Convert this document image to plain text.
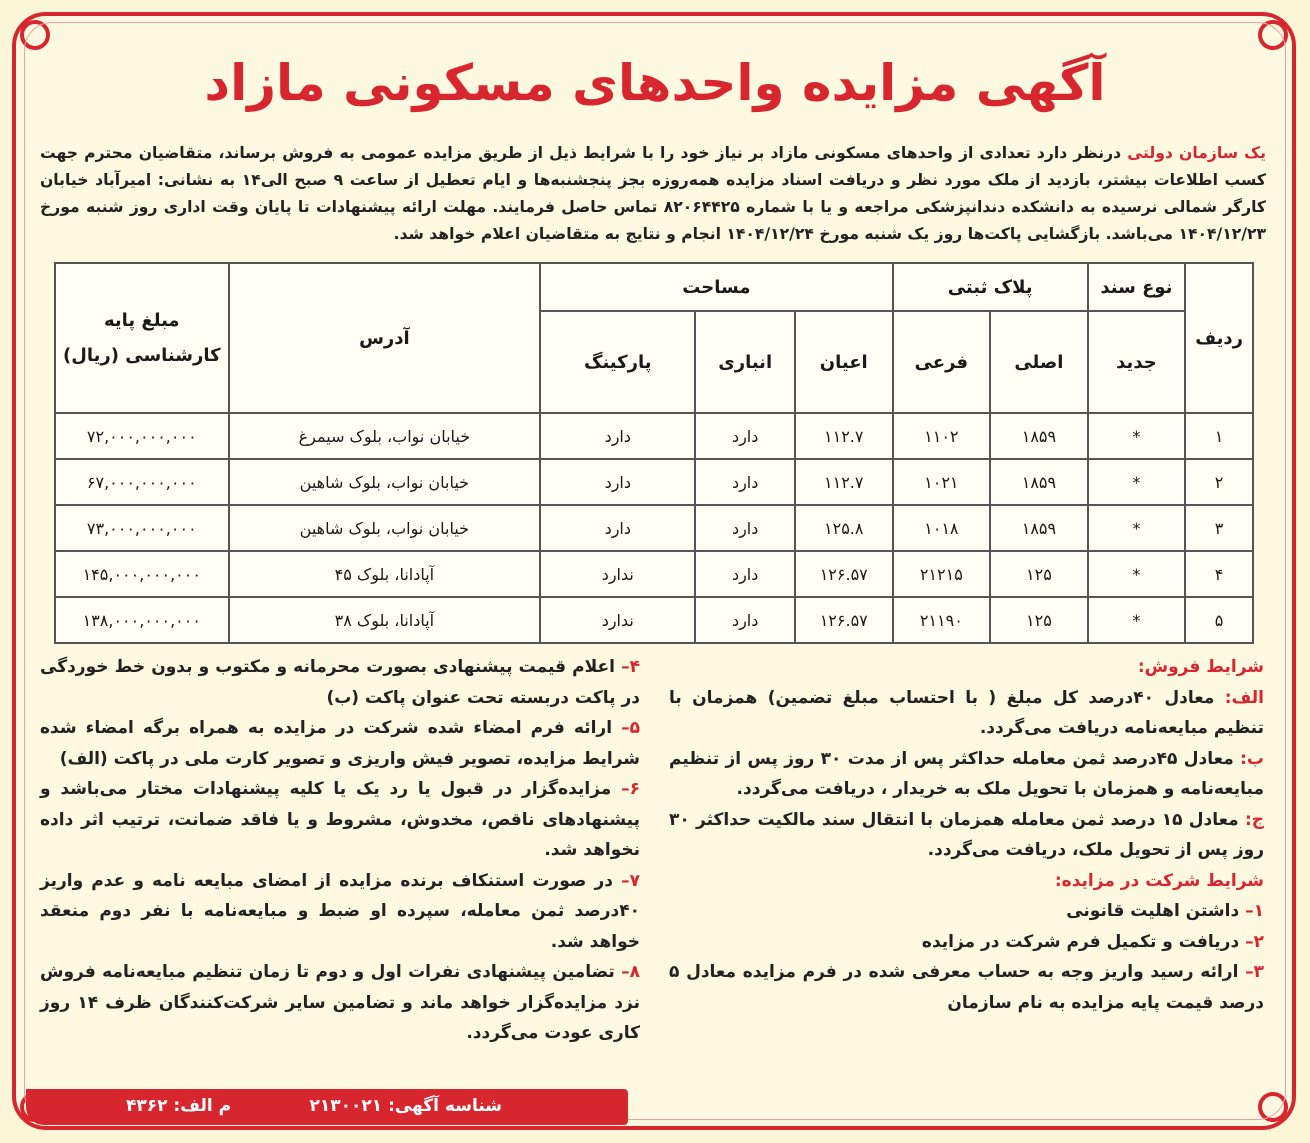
آگهی مزایده واحدهای مسکونی مازاد
یک سازمان دولتی درنظر دارد تعدادی از واحدهای مسکونی مازاد بر نیاز خود را با شرایط ذیل از طریق مزایده عمومی به فروش برساند، متقاضیان محترم جهت کسب اطلاعات بیشتر، بازدید از ملک مورد نظر و دریافت اسناد مزایده همه‌روزه بجز پنجشنبه‌ها و ایام تعطیل از ساعت ۹ صبح الی۱۴ به نشانی: امیرآباد خیابان کارگر شمالی نرسیده به دانشکده دندانپزشکی مراجعه و یا با شماره ۸۲۰۶۴۴۲۵ تماس حاصل فرمایند. مهلت ارائه پیشنهادات تا پایان وقت اداری روز شنبه مورخ ۱۴۰۴/۱۲/۲۳ می‌باشد. بازگشایی پاکت‌ها روز یک شنبه مورخ ۱۴۰۴/۱۲/۲۴ انجام و نتایج به متقاضیان اعلام خواهد شد.
ردیف	نوع سند	پلاک ثبتی		مساحت			آدرس	مبلغ پایه
کارشناسی (ریال)

	جدید	اصلی	فرعی	اعیان	انباری	پارکینگ		
۱	*	۱۸۵۹	۱۱۰۲	۱۱۲.۷	دارد	دارد	خیابان نواب، بلوک سیمرغ	۷۲,۰۰۰,۰۰۰,۰۰۰
۲	*	۱۸۵۹	۱۰۲۱	۱۱۲.۷	دارد	دارد	خیابان نواب، بلوک شاهین	۶۷,۰۰۰,۰۰۰,۰۰۰
۳	*	۱۸۵۹	۱۰۱۸	۱۲۵.۸	دارد	دارد	خیابان نواب، بلوک شاهین	۷۳,۰۰۰,۰۰۰,۰۰۰
۴	*	۱۲۵	۲۱۲۱۵	۱۲۶.۵۷	دارد	ندارد	آپادانا، بلوک ۴۵	۱۴۵,۰۰۰,۰۰۰,۰۰۰
۵	*	۱۲۵	۲۱۱۹۰	۱۲۶.۵۷	دارد	ندارد	آپادانا، بلوک ۳۸	۱۳۸,۰۰۰,۰۰۰,۰۰۰

شرایط فروش:

الف: معادل ۴۰درصد کل مبلغ ( با احتساب مبلغ تضمین) همزمان با تنظیم مبایعه‌نامه دریافت می‌گردد.

ب: معادل ۴۵درصد ثمن معامله حداکثر پس از مدت ۳۰ روز پس از تنظیم مبایعه‌نامه و همزمان با تحویل ملک به خریدار ، دریافت می‌گردد.

ج: معادل ۱۵ درصد ثمن معامله همزمان با انتقال سند مالکیت حداکثر ۳۰ روز پس از تحویل ملک، دریافت می‌گردد.

شرایط شرکت در مزایده:

۱– داشتن اهلیت قانونی

۲– دریافت و تکمیل فرم شرکت در مزایده

۳– ارائه رسید واریز وجه به حساب معرفی شده در فرم مزایده معادل ۵ درصد قیمت پایه مزایده به نام سازمان

۴– اعلام قیمت پیشنهادی بصورت محرمانه و مکتوب و بدون خط خوردگی در پاکت دربسته تحت عنوان پاکت (ب)

۵– ارائه فرم امضاء شده شرکت در مزایده به همراه برگه امضاء شده شرایط مزایده، تصویر فیش واریزی و تصویر کارت ملی در پاکت (الف)

۶– مزایده‌گزار در قبول یا رد یک یا کلیه پیشنهادات مختار می‌باشد و پیشنهادهای ناقص، مخدوش، مشروط و یا فاقد ضمانت، ترتیب اثر داده نخواهد شد.

۷– در صورت استنکاف برنده مزایده از امضای مبایعه نامه و عدم واریز ۴۰درصد ثمن معامله، سپرده او ضبط و مبایعه‌نامه با نفر دوم منعقد خواهد شد.

۸– تضامین پیشنهادی نفرات اول و دوم تا زمان تنظیم مبایعه‌نامه فروش نزد مزایده‌گزار خواهد ماند و تضامین سایر شرکت‌کنندگان ظرف ۱۴ روز کاری عودت می‌گردد.

شناسه آگهی: ۲۱۳۰۰۲۱
م الف: ۴۳۶۲
